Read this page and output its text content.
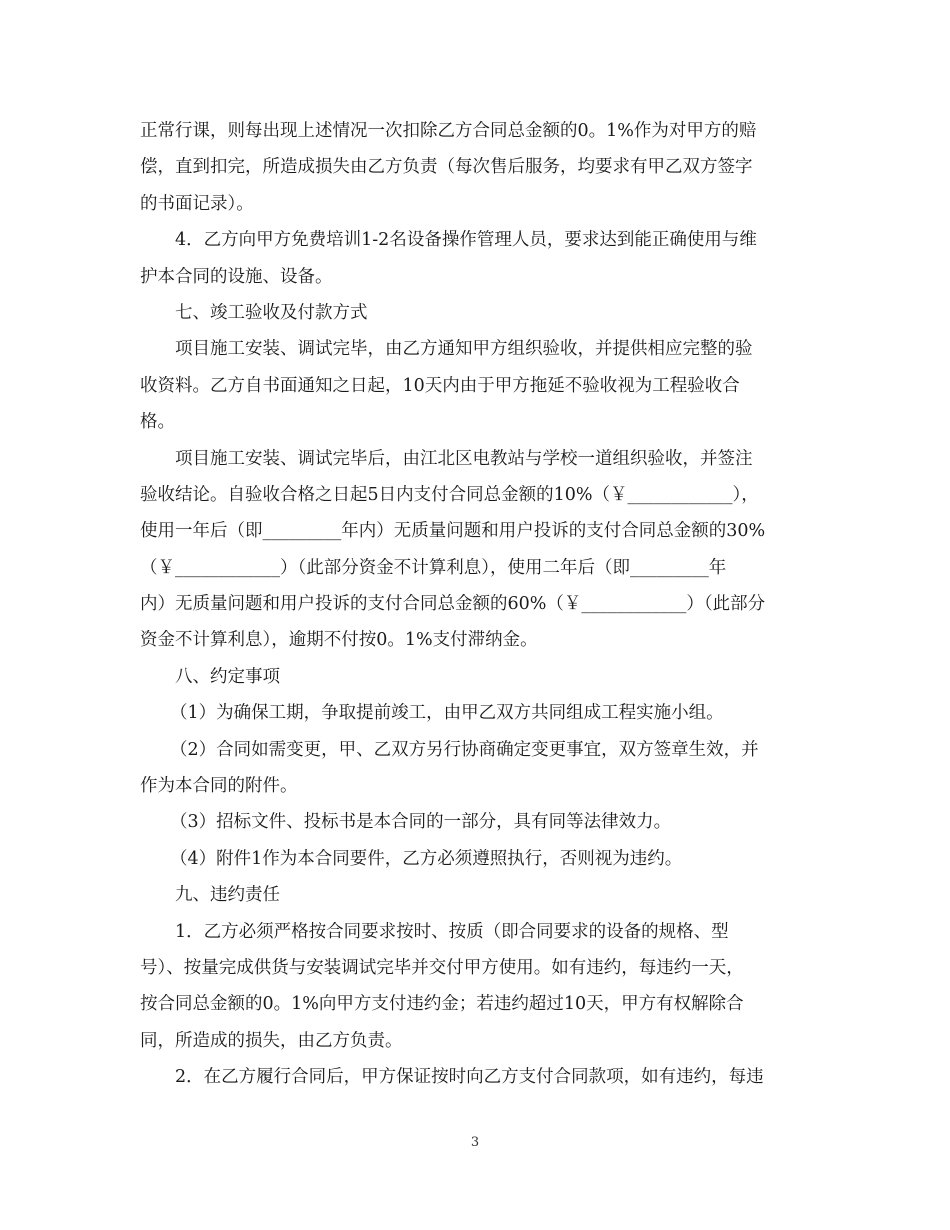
正常行课，则每出现上述情况一次扣除乙方合同总金额的0。1%作为对甲方的赔
偿，直到扣完，所造成损失由乙方负责（每次售后服务，均要求有甲乙双方签字
的书面记录）。
4．乙方向甲方免费培训1-2名设备操作管理人员，要求达到能正确使用与维
护本合同的设施、设备。
七、竣工验收及付款方式
项目施工安装、调试完毕，由乙方通知甲方组织验收，并提供相应完整的验
收资料。乙方自书面通知之日起，10天内由于甲方拖延不验收视为工程验收合
格。
项目施工安装、调试完毕后，由江北区电教站与学校一道组织验收，并签注
验收结论。自验收合格之日起5日内支付合同总金额的10%（￥____________），
使用一年后（即_________年内）无质量问题和用户投诉的支付合同总金额的30%
（￥____________）（此部分资金不计算利息），使用二年后（即_________年
内）无质量问题和用户投诉的支付合同总金额的60%（￥____________）（此部分
资金不计算利息），逾期不付按0。1%支付滞纳金。
八、约定事项
（1）为确保工期，争取提前竣工，由甲乙双方共同组成工程实施小组。
（2）合同如需变更，甲、乙双方另行协商确定变更事宜，双方签章生效，并
作为本合同的附件。
（3）招标文件、投标书是本合同的一部分，具有同等法律效力。
（4）附件1作为本合同要件，乙方必须遵照执行，否则视为违约。
九、违约责任
1．乙方必须严格按合同要求按时、按质（即合同要求的设备的规格、型
号）、按量完成供货与安装调试完毕并交付甲方使用。如有违约，每违约一天，
按合同总金额的0。1%向甲方支付违约金；若违约超过10天，甲方有权解除合
同，所造成的损失，由乙方负责。
2．在乙方履行合同后，甲方保证按时向乙方支付合同款项，如有违约，每违
3
